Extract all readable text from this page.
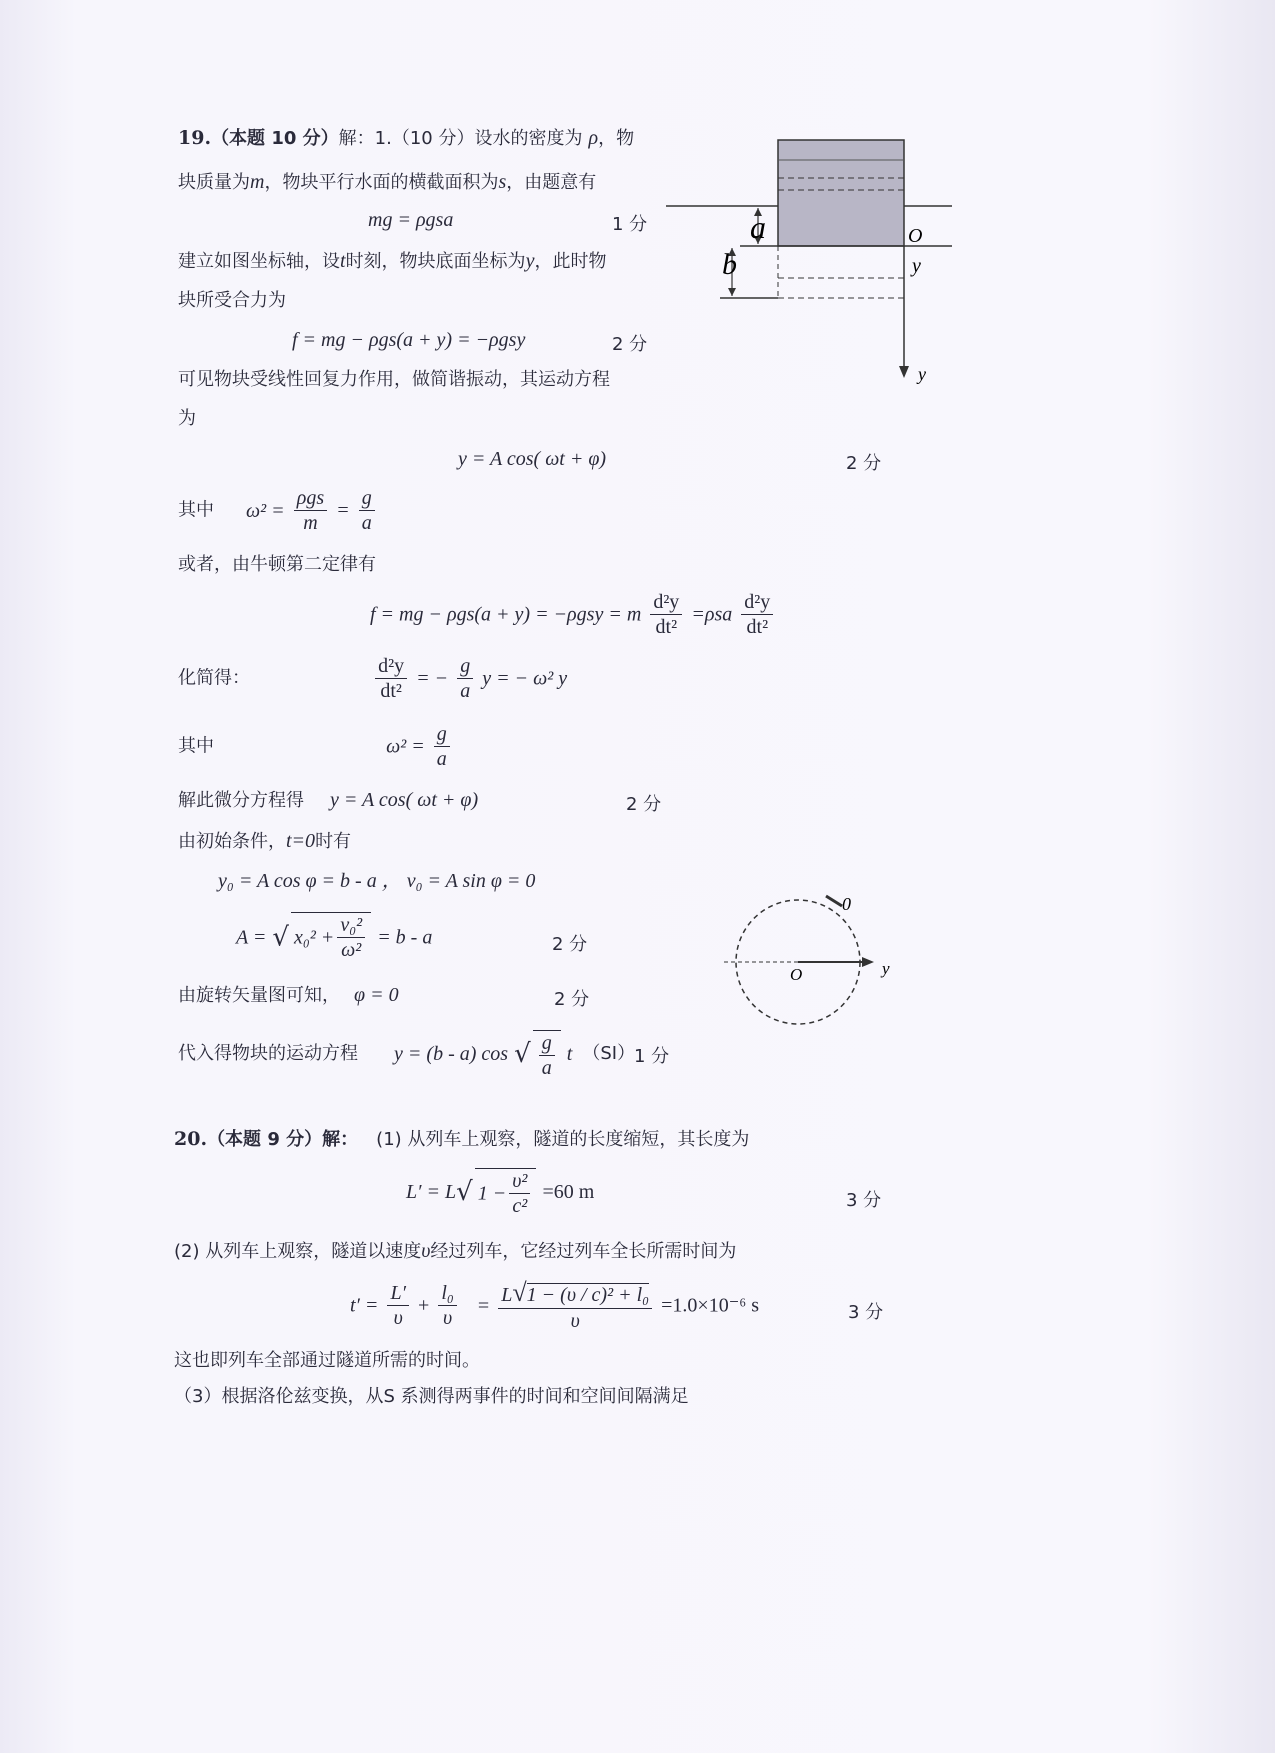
19.（本题 10 分）解：1.（10 分）设水的密度为 ρ，物
块质量为m，物块平行水面的横截面积为s，由题意有
mg = ρgsa	1 分
建立如图坐标轴，设t时刻，物块底面坐标为y，此时物
块所受合力为
f = mg − ρgs(a + y) = −ρgsy	2 分
可见物块受线性回复力作用，做简谐振动，其运动方程
为
y = A cos( ωt + φ)	2 分
其中 $\omega^2 = \frac{\text{ρgs}}{m} = \frac{g}{a}$
或者，由牛顿第二定律有
f = mg − ρgs(a + y) = −ρgsy = m $\frac{\text{d²y}}{\text{dt²}} =\rho sa \frac{\text{d²y}}{\text{dt²}}$
化简得：	$\frac{\text{d²y}}{\text{dt²}}$ = − $\frac{g}{a}$ y = − ω² y
其中	$\omega^2 = \frac{g}{a}$
解此微分方程得 y = A cos( ωt + φ)	2 分
由初始条件，t=0时有
y₀ = A cos φ = b - a ， v₀ = A sin φ = 0
A = √ $x_0^2 + \frac{\text{v₀²}}{\text{ω²}} = b - a$	2 分
由旋转矢量图可知， φ = 0	2 分
代入得物块的运动方程 y = (b - a) cos √ $\frac{g}{a}$ t （SI）
1 分
a
b
O
y
y
0
O	y
20.（本题 9 分）解： (1) 从列车上观察，隧道的长度缩短，其长度为
L′ = L√ $1 - \frac{\text{υ²}}{\text{c²}} =60$ m	3 分
(2) 从列车上观察，隧道以速度υ经过列车，它经过列车全长所需时间为
$t' = \frac{L'}{\upsilon} + \frac{\text{l₀}}{\upsilon} = \frac{\text{L√1 − (υ / c)² + l₀}}{\upsilon} =1.0\times 10^{-6}$ s	3 分
这也即列车全部通过隧道所需的时间。
（3）根据洛伦兹变换，从S 系测得两事件的时间和空间间隔满足
